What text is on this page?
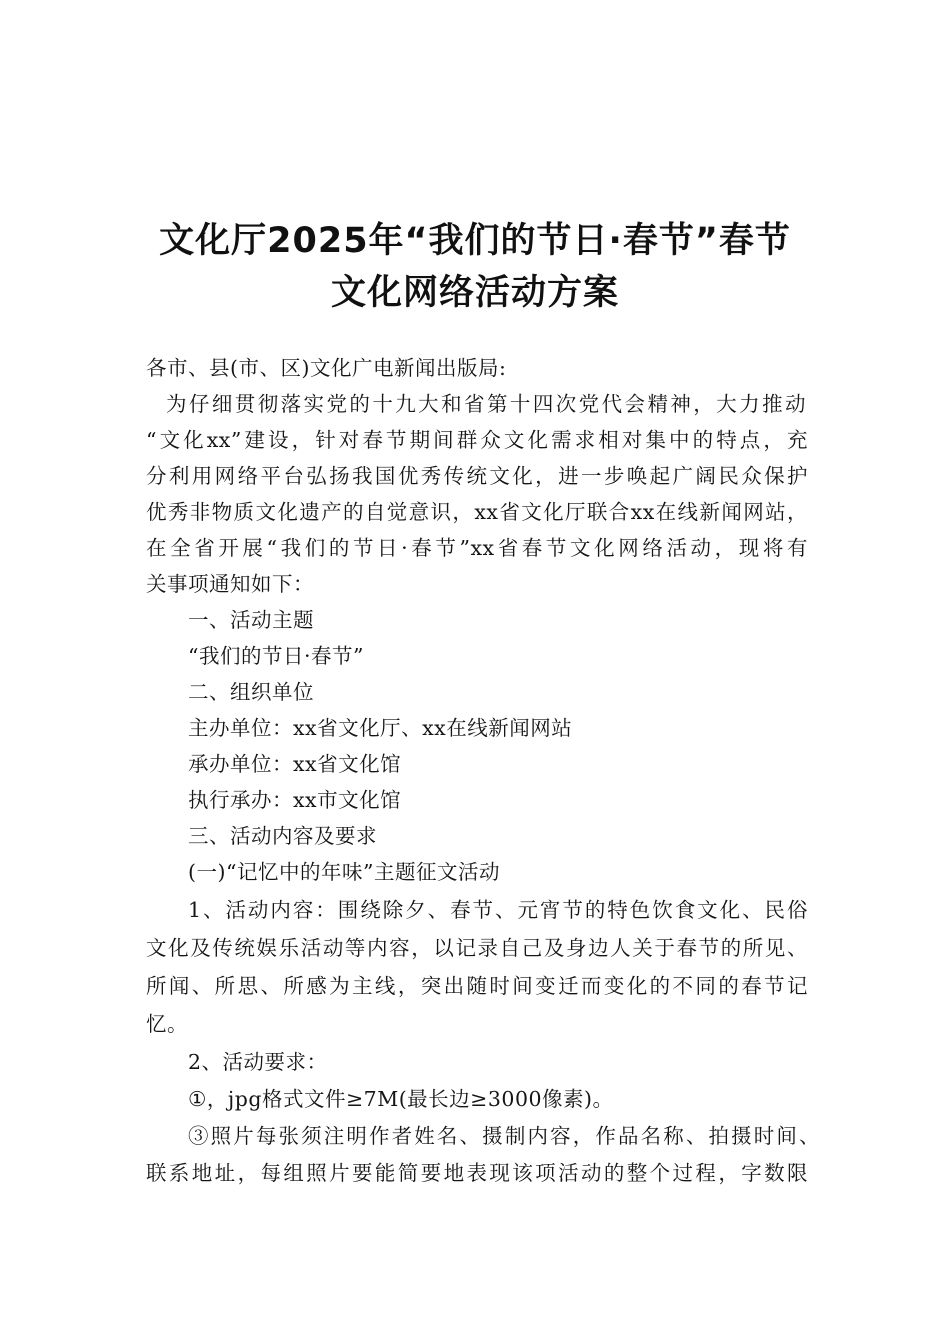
文化厅2025年“我们的节日·春节”春节
文化网络活动方案
各市、县(市、区)文化广电新闻出版局:
为仔细贯彻落实党的十九大和省第十四次党代会精神，大力推动
“文化xx”建设，针对春节期间群众文化需求相对集中的特点，充
分利用网络平台弘扬我国优秀传统文化，进一步唤起广阔民众保护
优秀非物质文化遗产的自觉意识，xx省文化厅联合xx在线新闻网站，
在全省开展“我们的节日·春节”xx省春节文化网络活动，现将有
关事项通知如下：
一、活动主题
“我们的节日·春节”
二、组织单位
主办单位：xx省文化厅、xx在线新闻网站
承办单位：xx省文化馆
执行承办：xx市文化馆
三、活动内容及要求
(一)“记忆中的年味”主题征文活动
1、活动内容：围绕除夕、春节、元宵节的特色饮食文化、民俗
文化及传统娱乐活动等内容，以记录自己及身边人关于春节的所见、
所闻、所思、所感为主线，突出随时间变迁而变化的不同的春节记
忆。
2、活动要求：
①，jpg格式文件≥7M(最长边≥3000像素)。
③照片每张须注明作者姓名、摄制内容，作品名称、拍摄时间、
联系地址，每组照片要能简要地表现该项活动的整个过程，字数限
